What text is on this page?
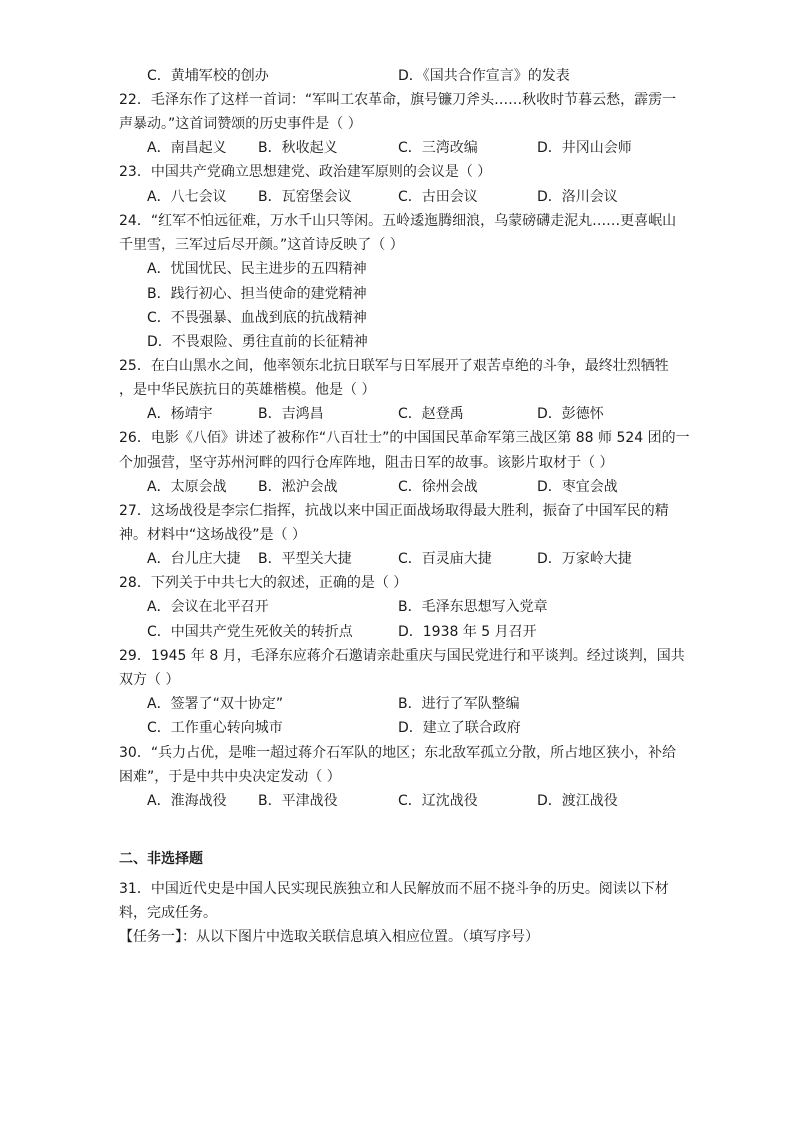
C．黄埔军校的创办	D．《国共合作宣言》的发表
22．毛泽东作了这样一首词：“军叫工农革命，旗号镰刀斧头……秋收时节暮云愁，霹雳一
声暴动。”这首词赞颂的历史事件是（ ）
A．南昌起义 B．秋收起义	C．三湾改编	D．井冈山会师
23．中国共产党确立思想建党、政治建军原则的会议是（ ）
A．八七会议 B．瓦窑堡会议	C．古田会议	D．洛川会议
24．“红军不怕远征难，万水千山只等闲。五岭逶迤腾细浪，乌蒙磅礴走泥丸……更喜岷山
千里雪，三军过后尽开颜。”这首诗反映了（ ）
A．忧国忧民、民主进步的五四精神
B．践行初心、担当使命的建党精神
C．不畏强暴、血战到底的抗战精神
D．不畏艰险、勇往直前的长征精神
25．在白山黑水之间，他率领东北抗日联军与日军展开了艰苦卓绝的斗争，最终壮烈牺牲
，是中华民族抗日的英雄楷模。他是（ ）
A．杨靖宇	B．吉鸿昌	C．赵登禹	D．彭德怀
26．电影《八佰》讲述了被称作“八百壮士”的中国国民革命军第三战区第 88 师 524 团的一
个加强营，坚守苏州河畔的四行仓库阵地，阻击日军的故事。该影片取材于（ ）
A．太原会战 B．淞沪会战	C．徐州会战	D．枣宜会战
27．这场战役是李宗仁指挥，抗战以来中国正面战场取得最大胜利，振奋了中国军民的精
神。材料中“这场战役”是（ ）
A．台儿庄大捷 B．平型关大捷	C．百灵庙大捷	D．万家岭大捷
28．下列关于中共七大的叙述，正确的是（ ）
A．会议在北平召开	B．毛泽东思想写入党章
C．中国共产党生死攸关的转折点	D．1938 年 5 月召开
29．1945 年 8 月，毛泽东应蒋介石邀请亲赴重庆与国民党进行和平谈判。经过谈判，国共
双方（ ）
A．签署了“双十协定”	B．进行了军队整编
C．工作重心转向城市	D．建立了联合政府
30．“兵力占优，是唯一超过蒋介石军队的地区；东北敌军孤立分散，所占地区狭小，补给
困难”，于是中共中央决定发动（ ）
A．淮海战役 B．平津战役	C．辽沈战役	D．渡江战役
二、非选择题
31．中国近代史是中国人民实现民族独立和人民解放而不屈不挠斗争的历史。阅读以下材
料，完成任务。
【任务一】：从以下图片中选取关联信息填入相应位置。（填写序号）
